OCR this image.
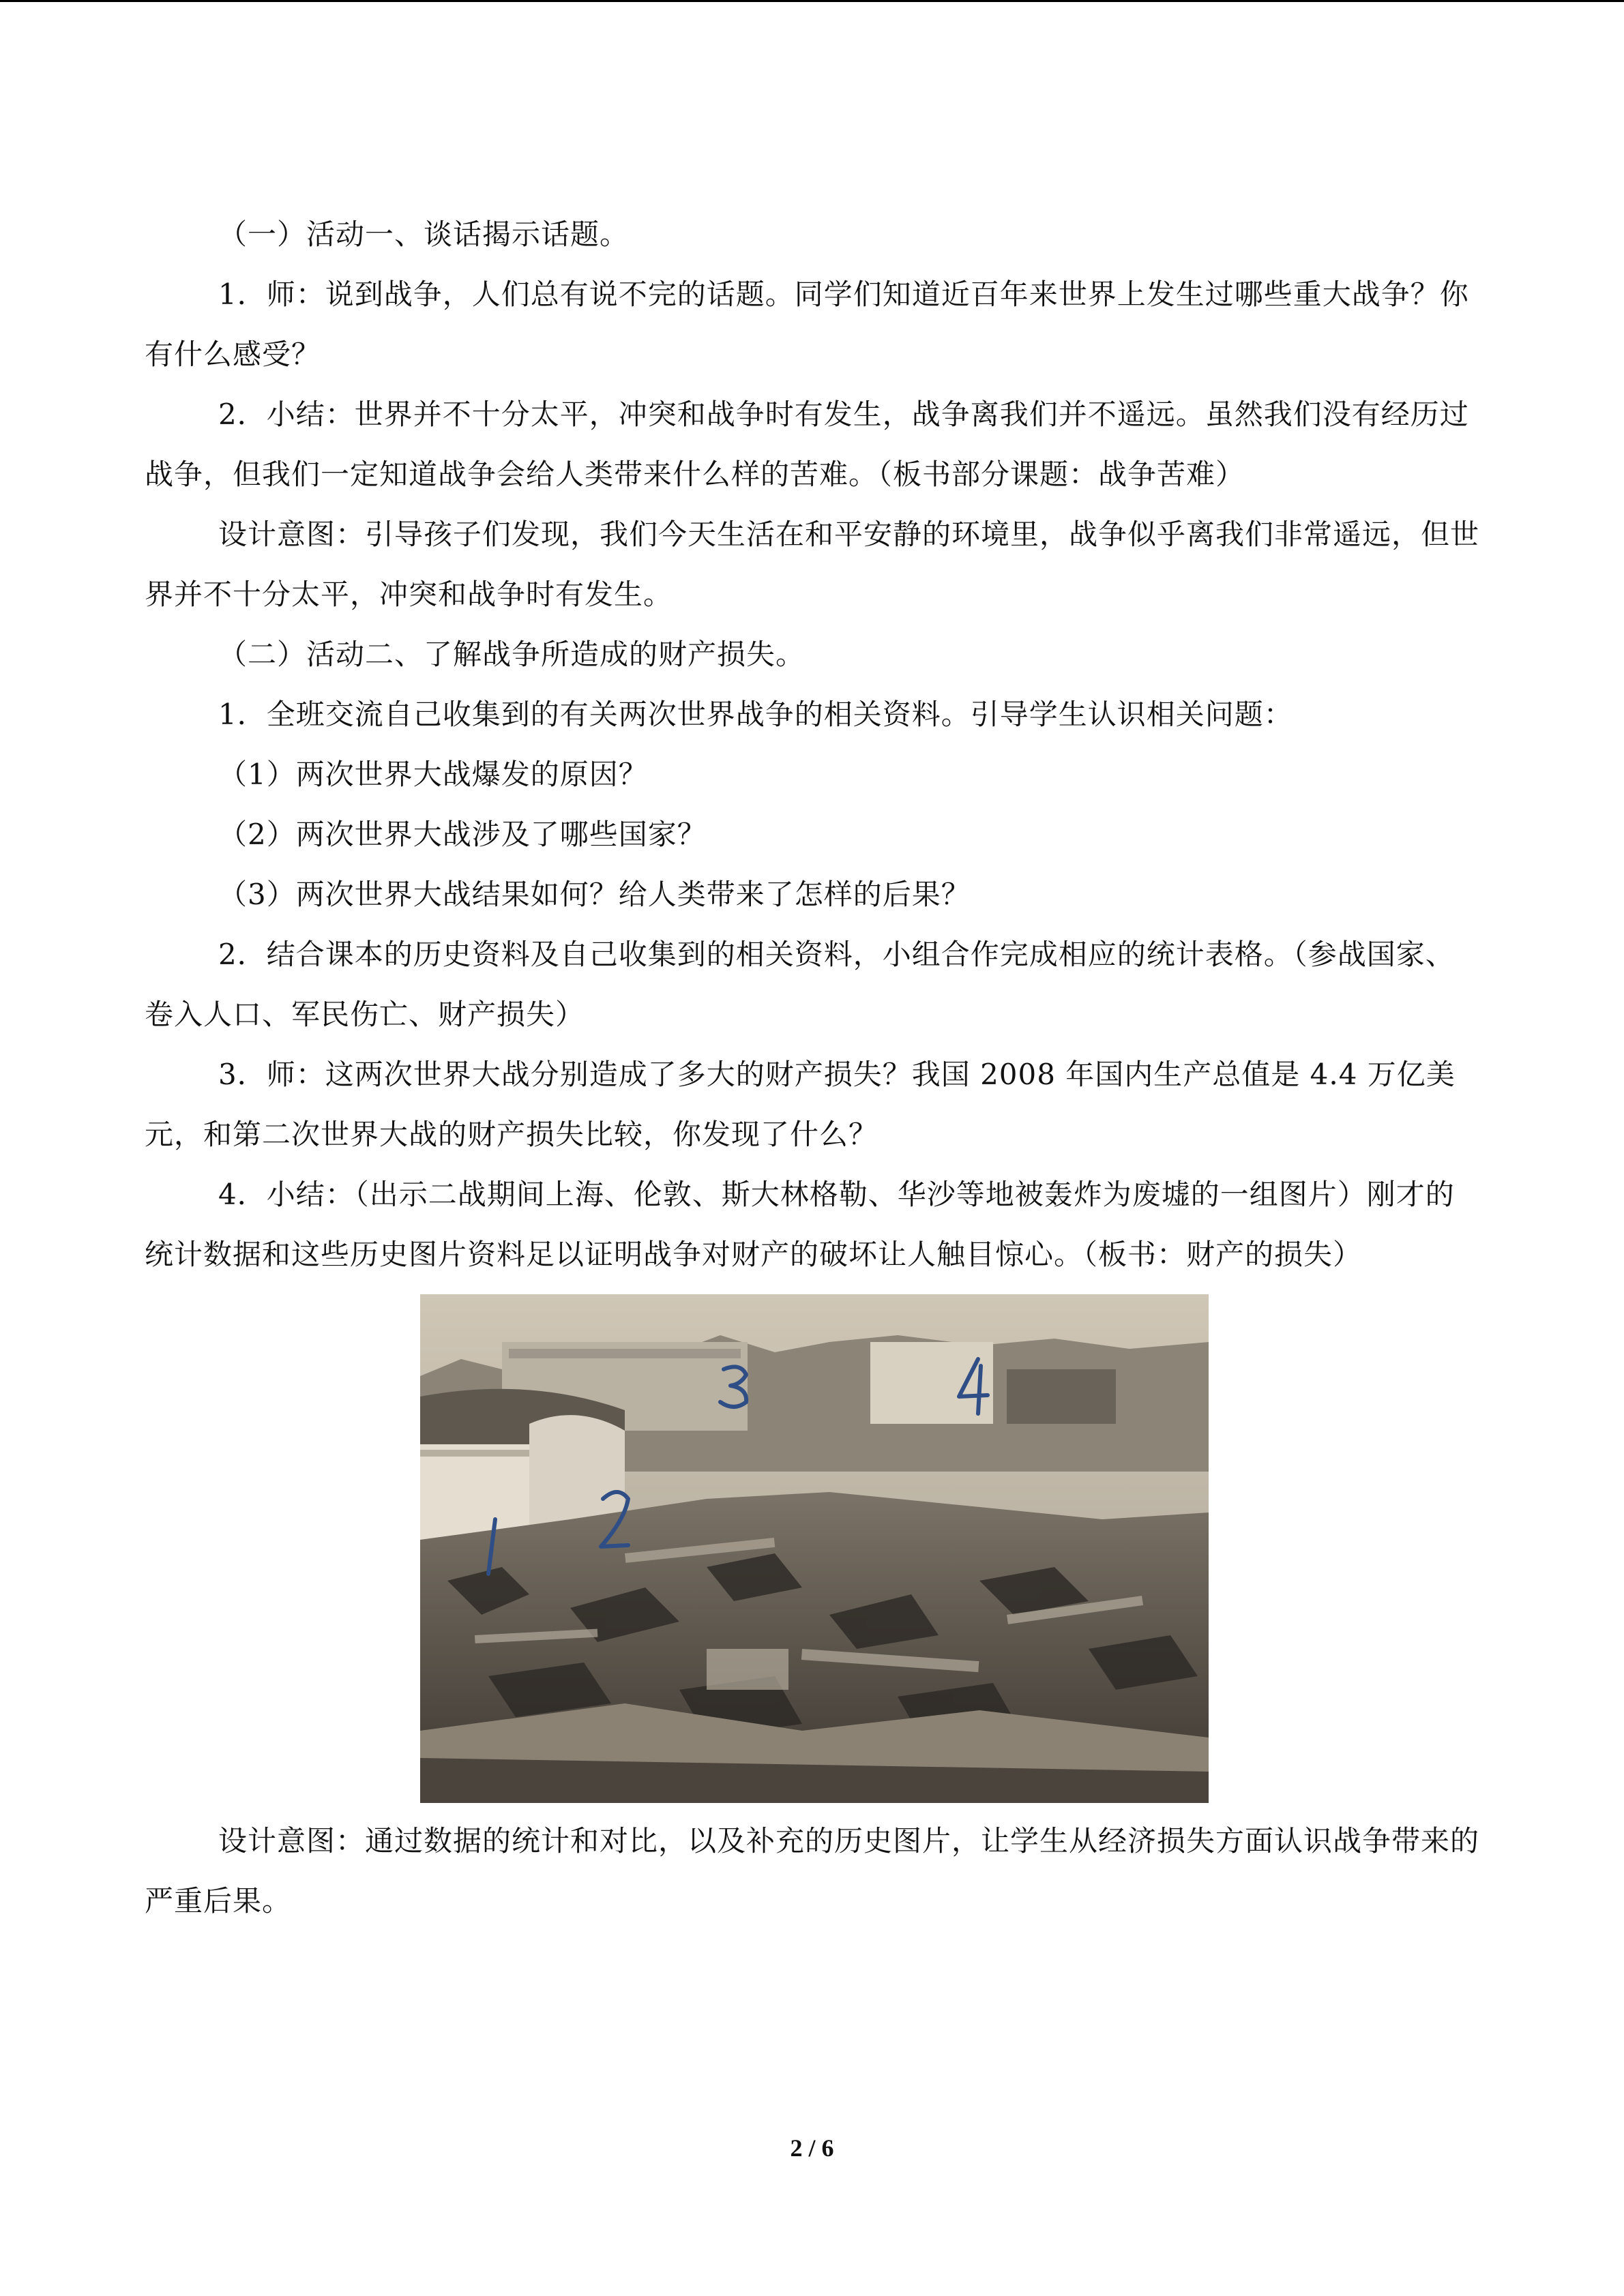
（一）活动一、谈话揭示话题。

1．师：说到战争，人们总有说不完的话题。同学们知道近百年来世界上发生过哪些重大战争？你有什么感受？

2．小结：世界并不十分太平，冲突和战争时有发生，战争离我们并不遥远。虽然我们没有经历过战争，但我们一定知道战争会给人类带来什么样的苦难。（板书部分课题：战争苦难）

设计意图：引导孩子们发现，我们今天生活在和平安静的环境里，战争似乎离我们非常遥远，但世界并不十分太平，冲突和战争时有发生。

（二）活动二、了解战争所造成的财产损失。

1．全班交流自己收集到的有关两次世界战争的相关资料。引导学生认识相关问题：

（1）两次世界大战爆发的原因？

（2）两次世界大战涉及了哪些国家？

（3）两次世界大战结果如何？给人类带来了怎样的后果？

2．结合课本的历史资料及自己收集到的相关资料，小组合作完成相应的统计表格。（参战国家、卷入人口、军民伤亡、财产损失）

3．师：这两次世界大战分别造成了多大的财产损失？我国 2008 年国内生产总值是 4.4 万亿美元，和第二次世界大战的财产损失比较，你发现了什么？

4．小结：（出示二战期间上海、伦敦、斯大林格勒、华沙等地被轰炸为废墟的一组图片）刚才的统计数据和这些历史图片资料足以证明战争对财产的破坏让人触目惊心。（板书：财产的损失）

设计意图：通过数据的统计和对比，以及补充的历史图片，让学生从经济损失方面认识战争带来的严重后果。

2 / 6
